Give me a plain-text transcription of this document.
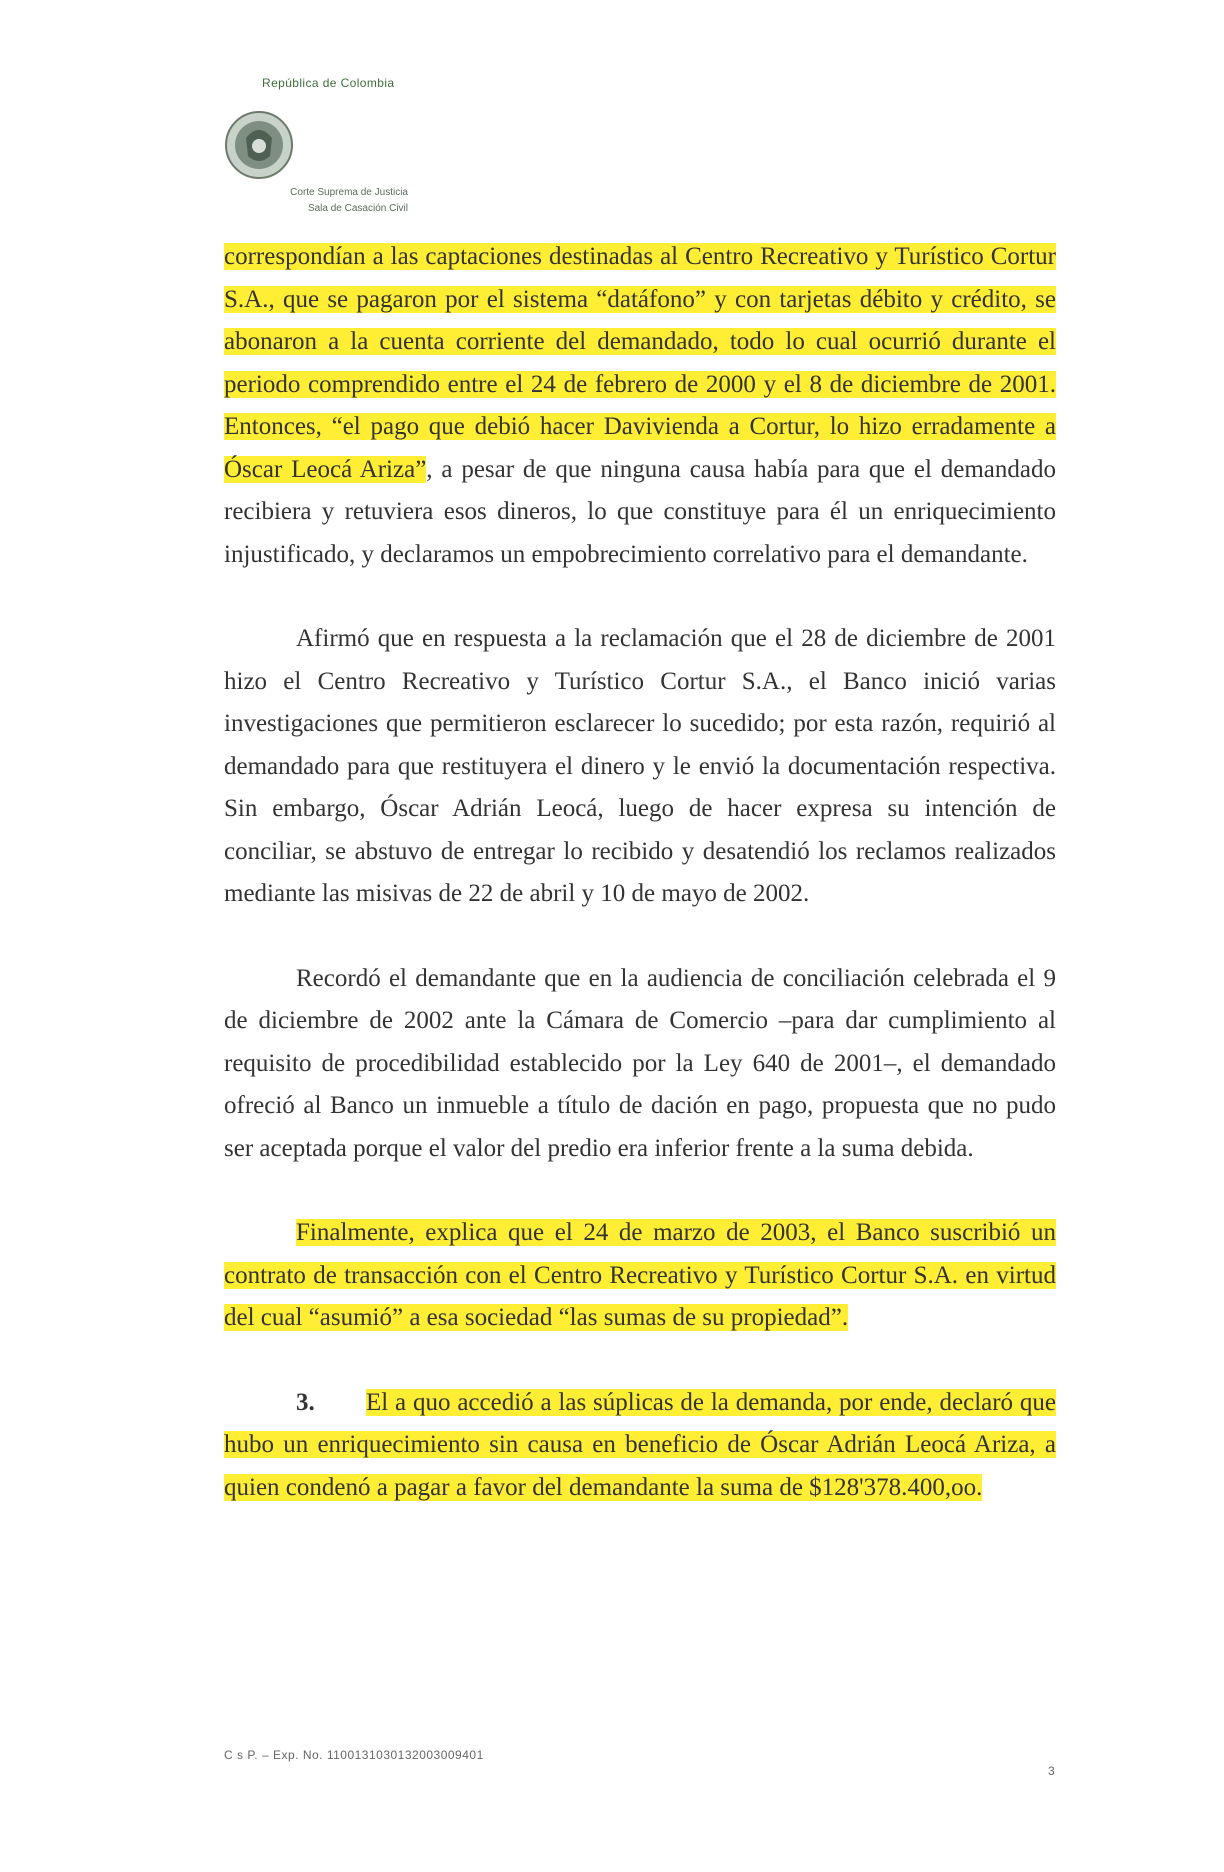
República de Colombia
Corte Suprema de Justicia
Sala de Casación Civil

correspondían a las captaciones destinadas al Centro Recreativo y Turístico Cortur S.A., que se pagaron por el sistema “datáfono” y con tarjetas débito y crédito, se abonaron a la cuenta corriente del demandado, todo lo cual ocurrió durante el periodo comprendido entre el 24 de febrero de 2000 y el 8 de diciembre de 2001. Entonces, “el pago que debió hacer Davivienda a Cortur, lo hizo erradamente a Óscar Leocá Ariza”, a pesar de que ninguna causa había para que el demandado recibiera y retuviera esos dineros, lo que constituye para él un enriquecimiento injustificado, y declaramos un empobrecimiento correlativo para el demandante.

Afirmó que en respuesta a la reclamación que el 28 de diciembre de 2001 hizo el Centro Recreativo y Turístico Cortur S.A., el Banco inició varias investigaciones que permitieron esclarecer lo sucedido; por esta razón, requirió al demandado para que restituyera el dinero y le envió la documentación respectiva. Sin embargo, Óscar Adrián Leocá, luego de hacer expresa su intención de conciliar, se abstuvo de entregar lo recibido y desatendió los reclamos realizados mediante las misivas de 22 de abril y 10 de mayo de 2002.

Recordó el demandante que en la audiencia de conciliación celebrada el 9 de diciembre de 2002 ante la Cámara de Comercio –para dar cumplimiento al requisito de procedibilidad establecido por la Ley 640 de 2001–, el demandado ofreció al Banco un inmueble a título de dación en pago, propuesta que no pudo ser aceptada porque el valor del predio era inferior frente a la suma debida.

Finalmente, explica que el 24 de marzo de 2003, el Banco suscribió un contrato de transacción con el Centro Recreativo y Turístico Cortur S.A. en virtud del cual “asumió” a esa sociedad “las sumas de su propiedad”.

3. El a quo accedió a las súplicas de la demanda, por ende, declaró que hubo un enriquecimiento sin causa en beneficio de Óscar Adrián Leocá Ariza, a quien condenó a pagar a favor del demandante la suma de $128'378.400,oo.

C s P. – Exp. No. 1100131030132003009401
3
